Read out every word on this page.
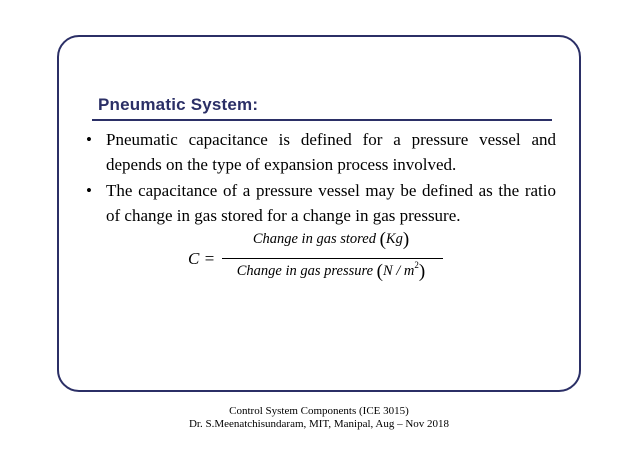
Pneumatic System:
• Pneumatic capacitance is defined for a pressure vessel and depends on the type of expansion process involved.
• The capacitance of a pressure vessel may be defined as the ratio of change in gas stored for a change in gas pressure.
C =
Change in gas stored (Kg)
Change in gas pressure $(N / m^2)$
Control System Components (ICE 3015)
Dr. S.Meenatchisundaram, MIT, Manipal, Aug – Nov 2018
